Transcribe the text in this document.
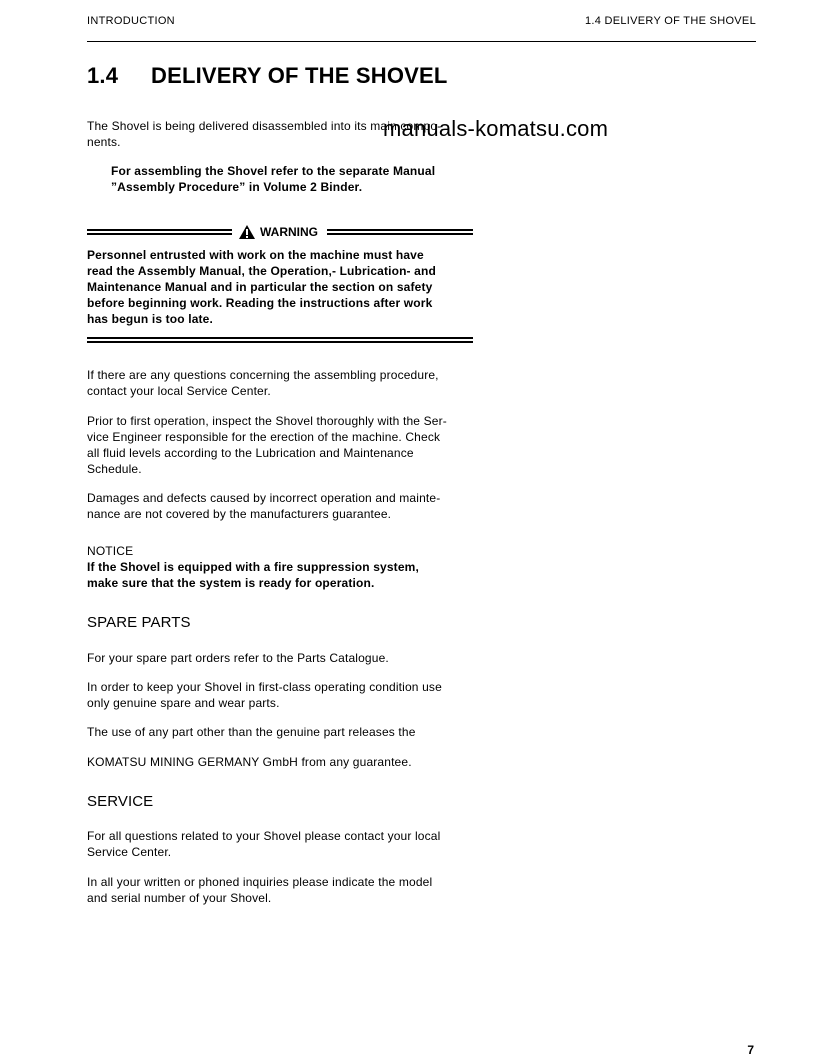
INTRODUCTION	1.4 DELIVERY OF THE SHOVEL
1.4 DELIVERY OF THE SHOVEL
The Shovel is being delivered disassembled into its main compo-
nents.
manuals-komatsu.com
For assembling the Shovel refer to the separate Manual
”Assembly Procedure” in Volume 2 Binder.
WARNING
Personnel entrusted with work on the machine must have
read the Assembly Manual, the Operation,- Lubrication- and
Maintenance Manual and in particular the section on safety
before beginning work. Reading the instructions after work
has begun is too late.
If there are any questions concerning the assembling procedure,
contact your local Service Center.
Prior to first operation, inspect the Shovel thoroughly with the Ser-
vice Engineer responsible for the erection of the machine. Check
all fluid levels according to the Lubrication and Maintenance
Schedule.
Damages and defects caused by incorrect operation and mainte-
nance are not covered by the manufacturers guarantee.
NOTICE
If the Shovel is equipped with a fire suppression system,
make sure that the system is ready for operation.
SPARE PARTS
For your spare part orders refer to the Parts Catalogue.
In order to keep your Shovel in first-class operating condition use
only genuine spare and wear parts.
The use of any part other than the genuine part releases the
KOMATSU MINING GERMANY GmbH from any guarantee.
SERVICE
For all questions related to your Shovel please contact your local
Service Center.
In all your written or phoned inquiries please indicate the model
and serial number of your Shovel.
7
